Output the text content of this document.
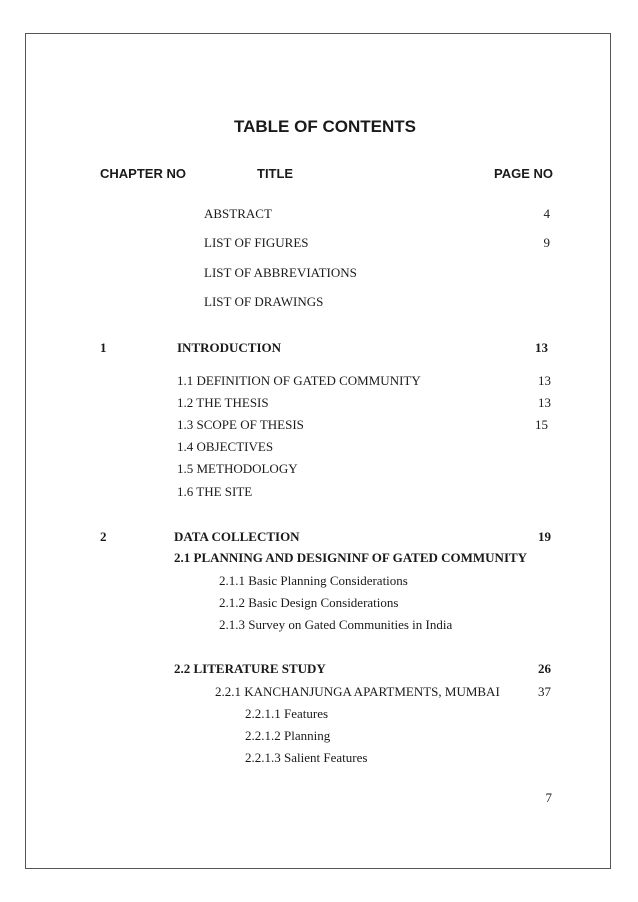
TABLE OF CONTENTS
CHAPTER NO	TITLE	PAGE NO
ABSTRACT	4
LIST OF FIGURES	9
LIST OF ABBREVIATIONS
LIST OF DRAWINGS
1	INTRODUCTION	13
1.1 DEFINITION OF GATED COMMUNITY	13
1.2 THE THESIS	13
1.3 SCOPE OF THESIS	15
1.4 OBJECTIVES
1.5 METHODOLOGY
1.6 THE SITE
2	DATA COLLECTION	19
2.1 PLANNING AND DESIGNINF OF GATED COMMUNITY
2.1.1 Basic Planning Considerations
2.1.2 Basic Design Considerations
2.1.3 Survey on Gated Communities in India
2.2 LITERATURE STUDY	26
2.2.1 KANCHANJUNGA APARTMENTS, MUMBAI	37
2.2.1.1 Features
2.2.1.2 Planning
2.2.1.3 Salient Features
7
